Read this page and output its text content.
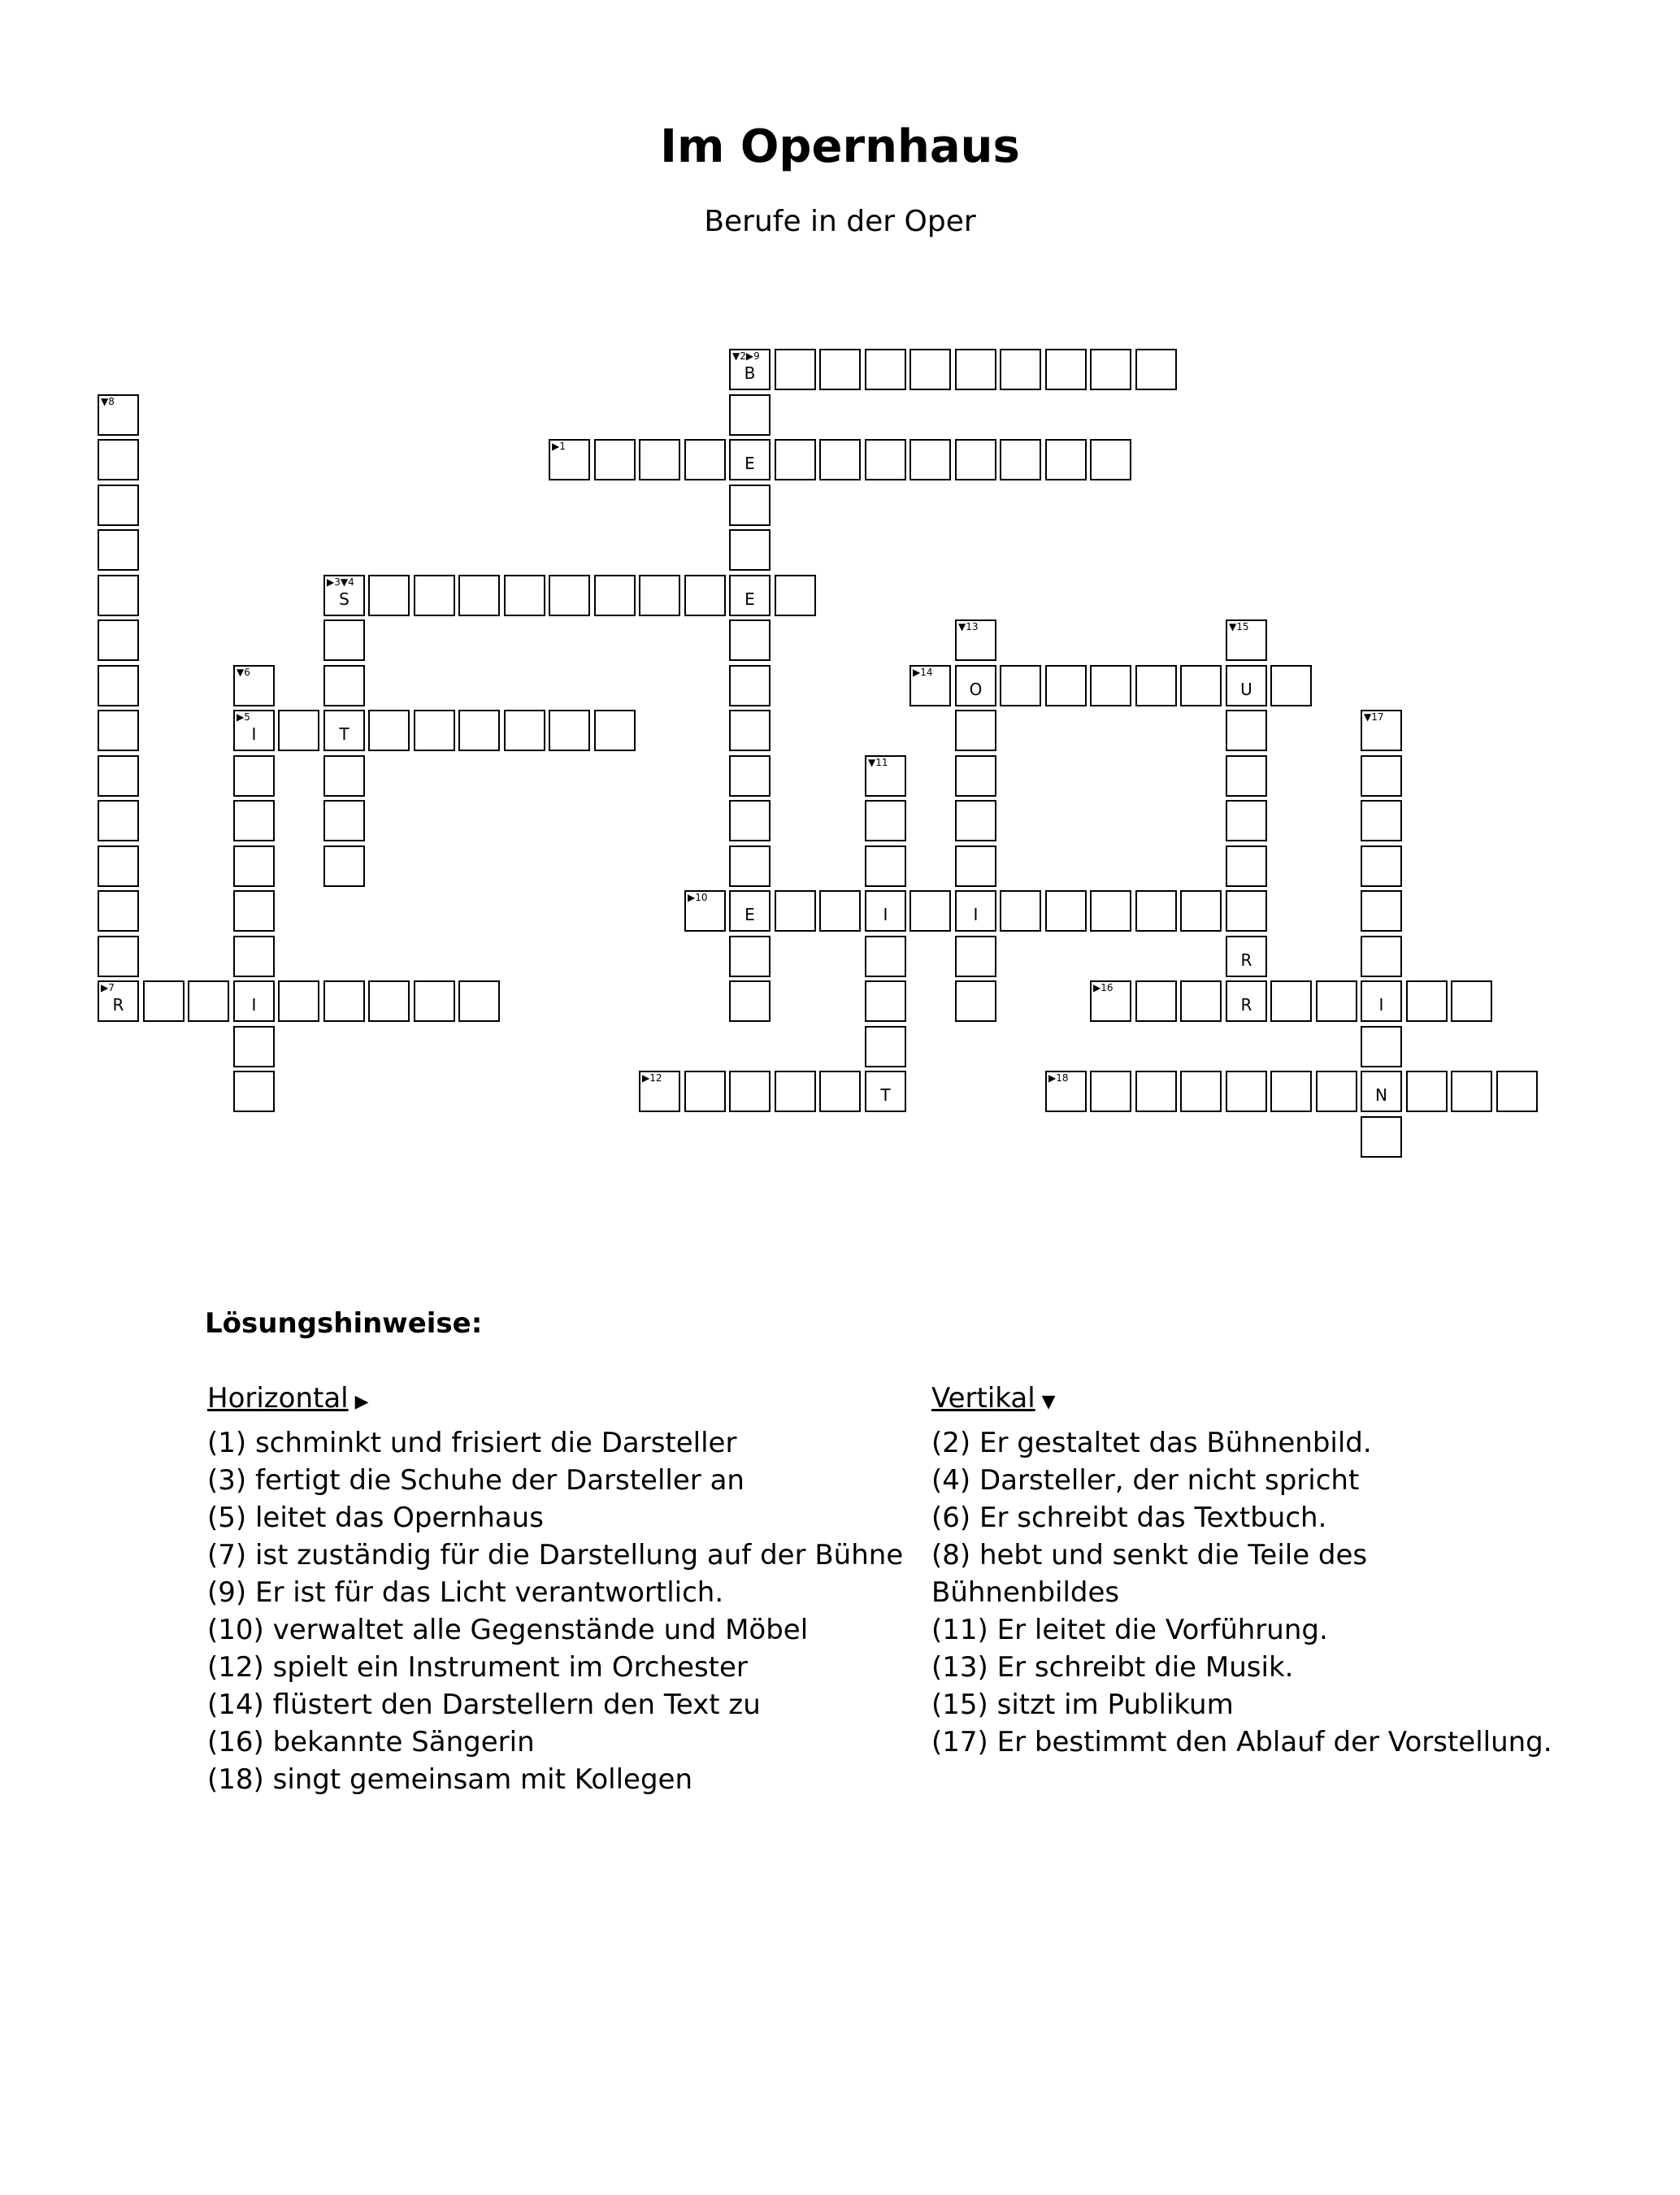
Im Opernhaus
Berufe in der Oper
▼2▶9
B
E
E
E
▼8
▶7
R
▶1
▶3▼4
S
T
▼13
O
I
▼15
U
R
▼6
▶5
I
I
▶14
▼17
I
N
▼11
I
T
▶10
▶16
R
▶12	▶18
Lösungshinweise:
Horizontal ▶	Vertikal ▼
(1) schminkt und frisiert die Darsteller
(3) fertigt die Schuhe der Darsteller an
(5) leitet das Opernhaus
(7) ist zuständig für die Darstellung auf der Bühne
(9) Er ist für das Licht verantwortlich.
(10) verwaltet alle Gegenstände und Möbel
(12) spielt ein Instrument im Orchester
(14) flüstert den Darstellern den Text zu
(16) bekannte Sängerin
(18) singt gemeinsam mit Kollegen
(2) Er gestaltet das Bühnenbild.
(4) Darsteller, der nicht spricht
(6) Er schreibt das Textbuch.
(8) hebt und senkt die Teile des
Bühnenbildes
(11) Er leitet die Vorführung.
(13) Er schreibt die Musik.
(15) sitzt im Publikum
(17) Er bestimmt den Ablauf der Vorstellung.
